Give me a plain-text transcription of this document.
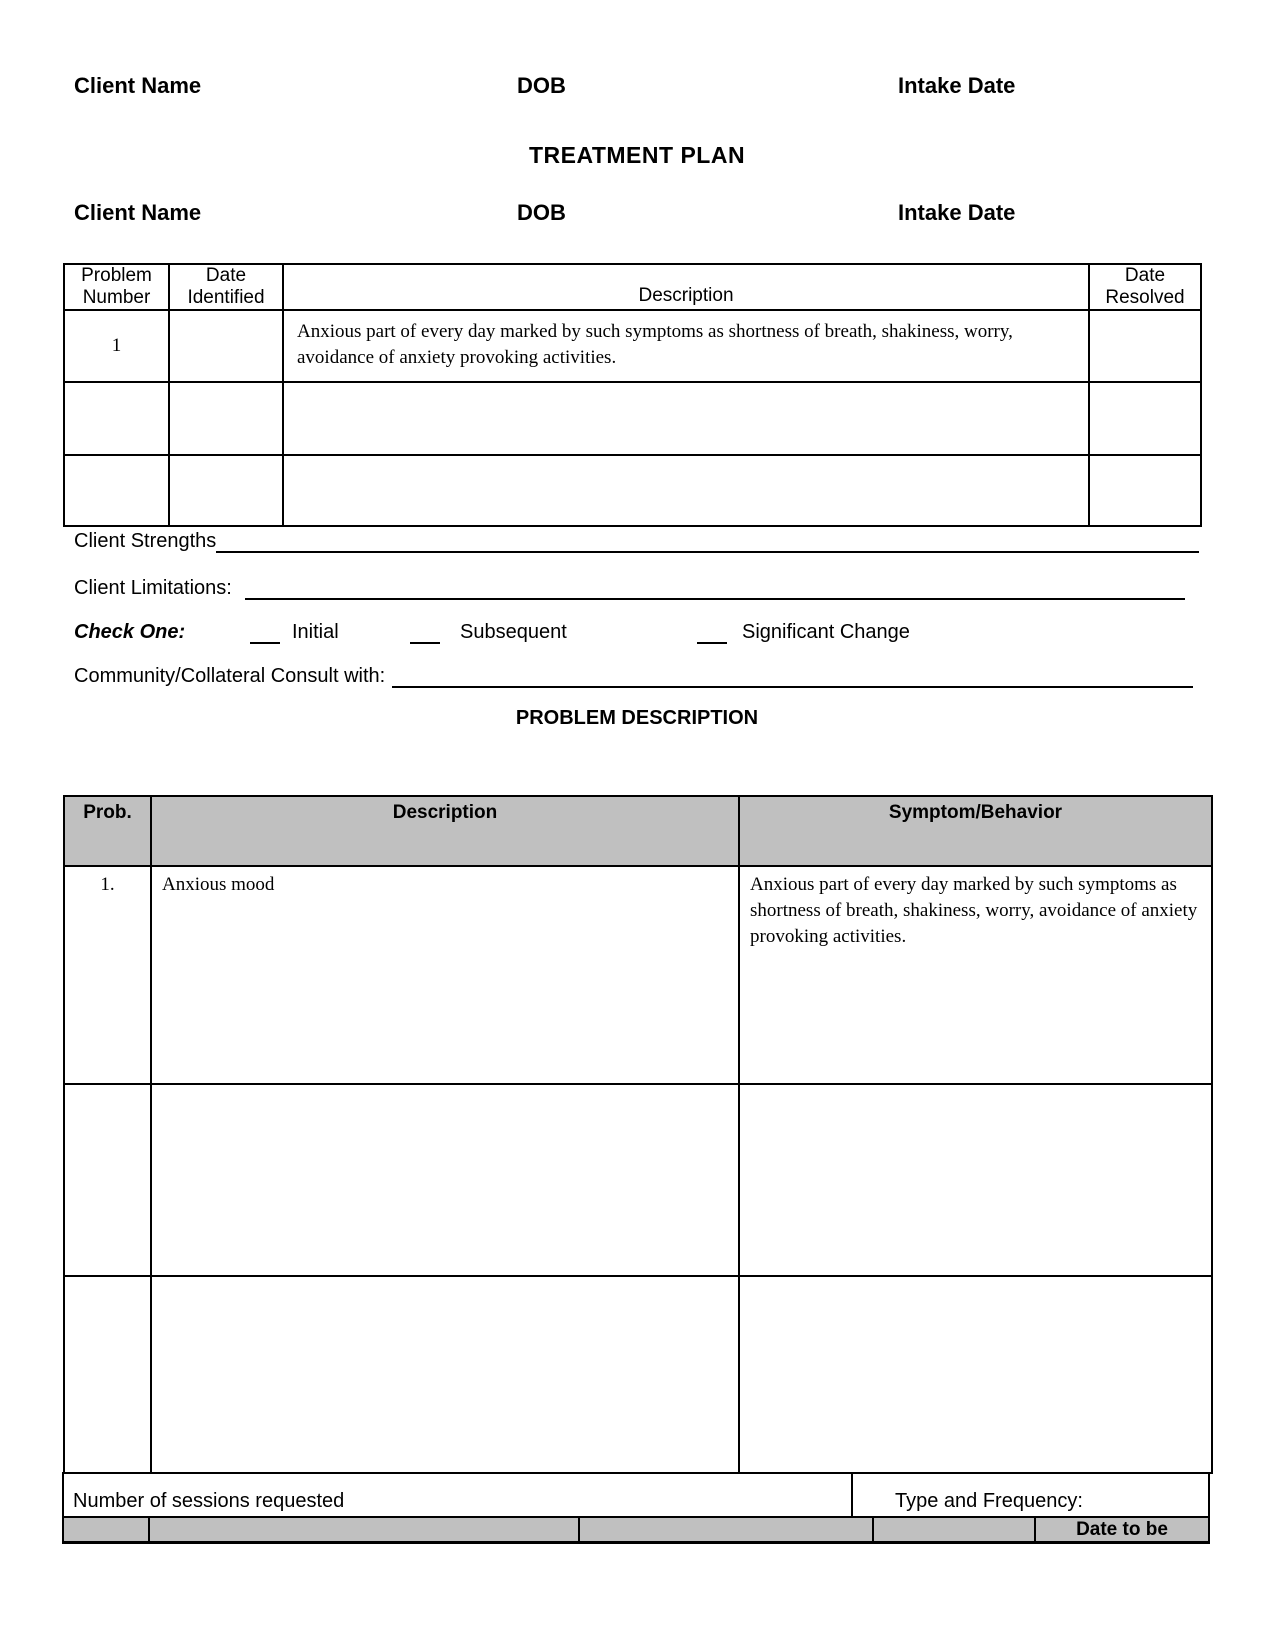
Client Name	DOB	Intake Date
TREATMENT PLAN
Client Name	DOB	Intake Date
Problem Number	Date Identified	Description	Date Resolved
1		Anxious part of every day marked by such symptoms as shortness of breath, shakiness, worry, avoidance of anxiety provoking activities.	

Client Strengths
Client Limitations:
Check One:	Initial	Subsequent	Significant Change
Community/Collateral Consult with:
PROBLEM DESCRIPTION
Prob.	Description	Symptom/Behavior
1.	Anxious mood	Anxious part of every day marked by such symptoms as shortness of breath, shakiness, worry, avoidance of anxiety provoking activities.

Number of sessions requested	Type and Frequency:
Date to be
